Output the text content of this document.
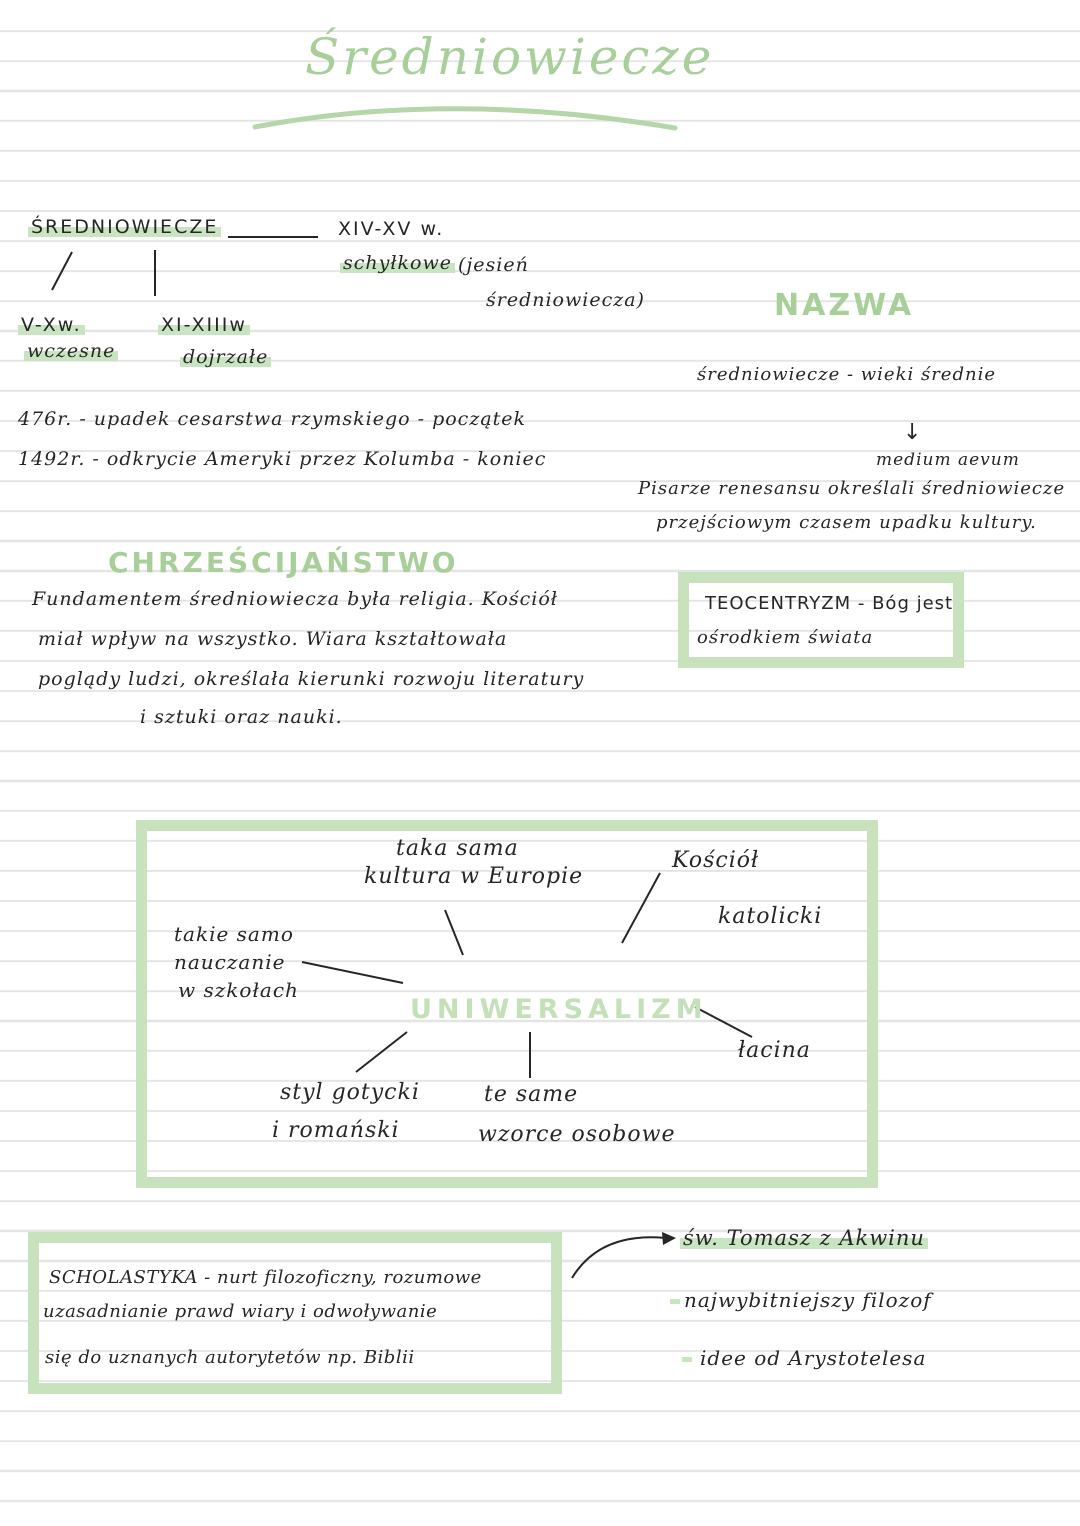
Średniowiecze
ŚREDNIOWIECZE	XIV-XV w.
schyłkowe (jesień
średniowiecza)
V-Xw.
wczesne
XI-XIIIw
dojrzałe
476r. - upadek cesarstwa rzymskiego - początek
1492r. - odkrycie Ameryki przez Kolumba - koniec
NAZWA
średniowiecze - wieki średnie
↓
medium aevum
Pisarze renesansu określali średniowiecze
przejściowym czasem upadku kultury.
CHRZEŚCIJAŃSTWO
Fundamentem średniowiecza była religia. Kościół
miał wpływ na wszystko. Wiara kształtowała
poglądy ludzi, określała kierunki rozwoju literatury
i sztuki oraz nauki.
TEOCENTRYZM - Bóg jest
ośrodkiem świata
taka sama
kultura w Europie
Kościół
katolicki
takie samo
nauczanie
w szkołach
UNIWERSALIZM
łacina
styl gotycki
i romański
te same
wzorce osobowe
SCHOLASTYKA - nurt filozoficzny, rozumowe
uzasadnianie prawd wiary i odwoływanie
się do uznanych autorytetów np. Biblii
św. Tomasz z Akwinu
najwybitniejszy filozof
idee od Arystotelesa
